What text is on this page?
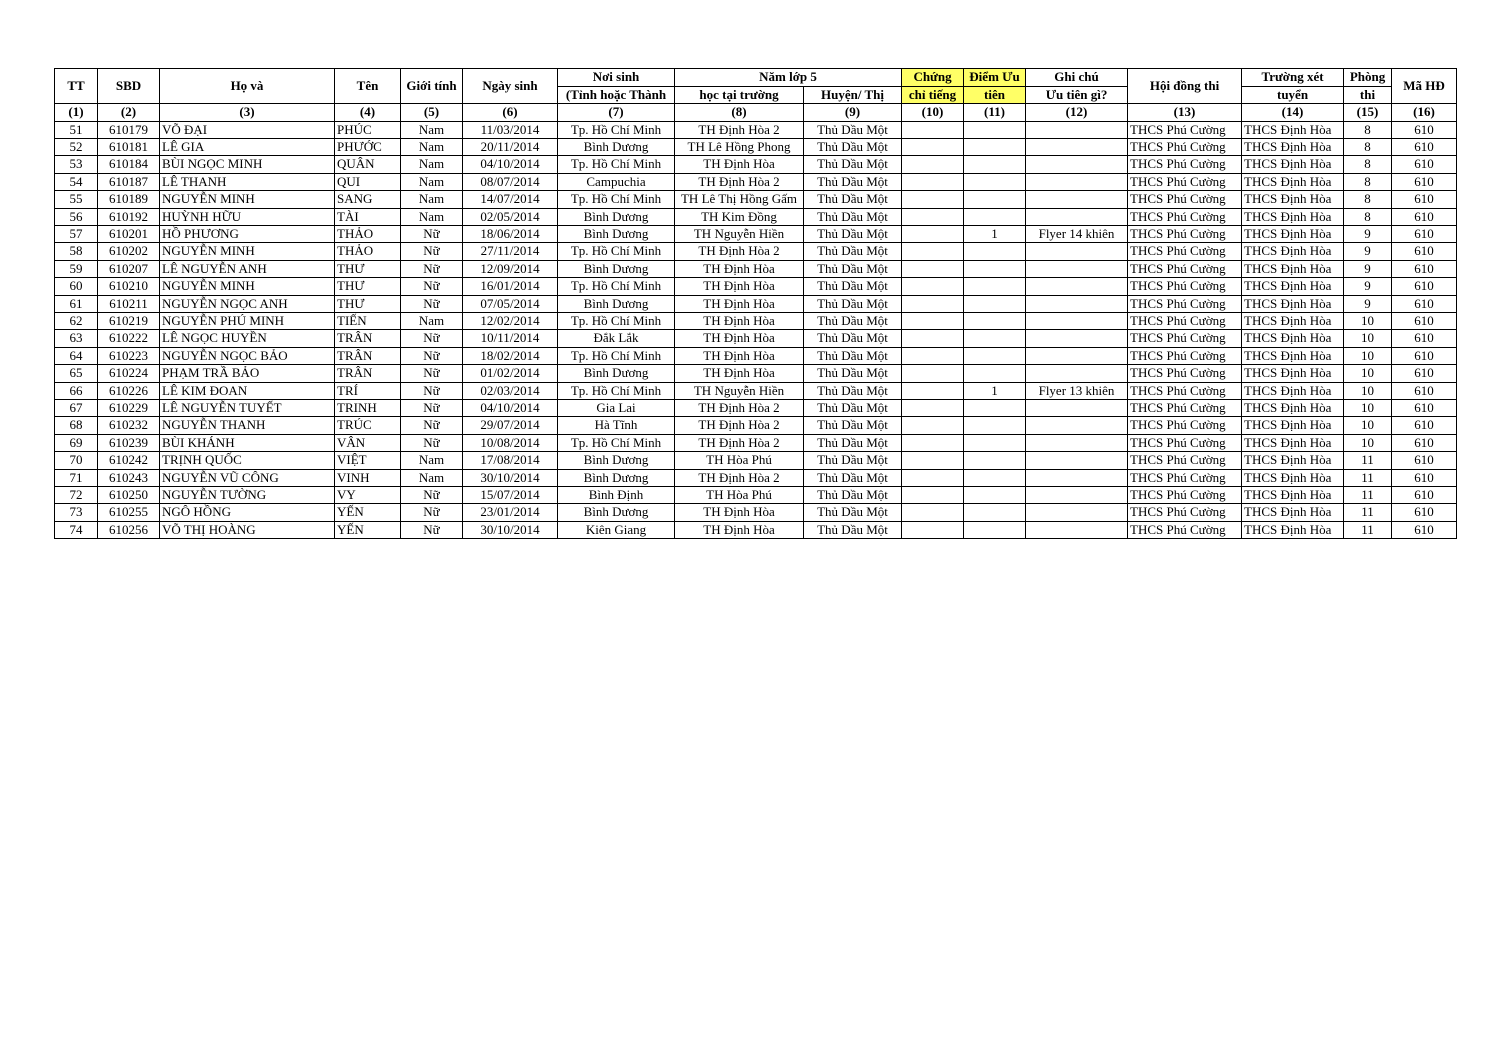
TT	SBD	Họ và	Tên	Giới tính	Ngày sinh	Nơi sinh	Năm lớp 5		Chứng	Điểm Ưu	Ghi chú	Hội đồng thi	Trường xét	Phòng	Mã HĐ
						(Tỉnh hoặc Thành	học tại trường	Huyện/ Thị	chỉ tiếng	tiên	Ưu tiên gì?		tuyển	thi	
(1)	(2)	(3)	(4)	(5)	(6)	(7)	(8)	(9)	(10)	(11)	(12)	(13)	(14)	(15)	(16)
51	610179	VÕ ĐẠI	PHÚC	Nam	11/03/2014	Tp. Hồ Chí Minh	TH Định Hòa 2	Thủ Dầu Một				THCS Phú Cường	THCS Định Hòa	8	610
52	610181	LÊ GIA	PHƯỚC	Nam	20/11/2014	Bình Dương	TH Lê Hồng Phong	Thủ Dầu Một				THCS Phú Cường	THCS Định Hòa	8	610
53	610184	BÙI NGỌC MINH	QUÂN	Nam	04/10/2014	Tp. Hồ Chí Minh	TH Định Hòa	Thủ Dầu Một				THCS Phú Cường	THCS Định Hòa	8	610
54	610187	LÊ THANH	QUI	Nam	08/07/2014	Campuchia	TH Định Hòa 2	Thủ Dầu Một				THCS Phú Cường	THCS Định Hòa	8	610
55	610189	NGUYỄN MINH	SANG	Nam	14/07/2014	Tp. Hồ Chí Minh	TH Lê Thị Hồng Gấm	Thủ Dầu Một				THCS Phú Cường	THCS Định Hòa	8	610
56	610192	HUỲNH HỮU	TÀI	Nam	02/05/2014	Bình Dương	TH Kim Đồng	Thủ Dầu Một				THCS Phú Cường	THCS Định Hòa	8	610
57	610201	HỒ PHƯƠNG	THẢO	Nữ	18/06/2014	Bình Dương	TH Nguyễn Hiền	Thủ Dầu Một		1	Flyer 14 khiên	THCS Phú Cường	THCS Định Hòa	9	610
58	610202	NGUYỄN MINH	THẢO	Nữ	27/11/2014	Tp. Hồ Chí Minh	TH Định Hòa 2	Thủ Dầu Một				THCS Phú Cường	THCS Định Hòa	9	610
59	610207	LÊ NGUYỄN ANH	THƯ	Nữ	12/09/2014	Bình Dương	TH Định Hòa	Thủ Dầu Một				THCS Phú Cường	THCS Định Hòa	9	610
60	610210	NGUYỄN MINH	THƯ	Nữ	16/01/2014	Tp. Hồ Chí Minh	TH Định Hòa	Thủ Dầu Một				THCS Phú Cường	THCS Định Hòa	9	610
61	610211	NGUYỄN NGỌC ANH	THƯ	Nữ	07/05/2014	Bình Dương	TH Định Hòa	Thủ Dầu Một				THCS Phú Cường	THCS Định Hòa	9	610
62	610219	NGUYỄN PHÚ MINH	TIẾN	Nam	12/02/2014	Tp. Hồ Chí Minh	TH Định Hòa	Thủ Dầu Một				THCS Phú Cường	THCS Định Hòa	10	610
63	610222	LÊ NGỌC HUYỀN	TRÂN	Nữ	10/11/2014	Đắk Lắk	TH Định Hòa	Thủ Dầu Một				THCS Phú Cường	THCS Định Hòa	10	610
64	610223	NGUYỄN NGỌC BẢO	TRÂN	Nữ	18/02/2014	Tp. Hồ Chí Minh	TH Định Hòa	Thủ Dầu Một				THCS Phú Cường	THCS Định Hòa	10	610
65	610224	PHẠM TRẦ BẢO	TRÂN	Nữ	01/02/2014	Bình Dương	TH Định Hòa	Thủ Dầu Một				THCS Phú Cường	THCS Định Hòa	10	610
66	610226	LÊ KIM ĐOAN	TRÍ	Nữ	02/03/2014	Tp. Hồ Chí Minh	TH Nguyễn Hiền	Thủ Dầu Một		1	Flyer 13 khiên	THCS Phú Cường	THCS Định Hòa	10	610
67	610229	LÊ NGUYỄN TUYẾT	TRINH	Nữ	04/10/2014	Gia Lai	TH Định Hòa 2	Thủ Dầu Một				THCS Phú Cường	THCS Định Hòa	10	610
68	610232	NGUYỄN THANH	TRÚC	Nữ	29/07/2014	Hà Tĩnh	TH Định Hòa 2	Thủ Dầu Một				THCS Phú Cường	THCS Định Hòa	10	610
69	610239	BÙI KHÁNH	VÂN	Nữ	10/08/2014	Tp. Hồ Chí Minh	TH Định Hòa 2	Thủ Dầu Một				THCS Phú Cường	THCS Định Hòa	10	610
70	610242	TRỊNH QUỐC	VIỆT	Nam	17/08/2014	Bình Dương	TH Hòa Phú	Thủ Dầu Một				THCS Phú Cường	THCS Định Hòa	11	610
71	610243	NGUYỄN VŨ CÔNG	VINH	Nam	30/10/2014	Bình Dương	TH Định Hòa 2	Thủ Dầu Một				THCS Phú Cường	THCS Định Hòa	11	610
72	610250	NGUYỄN TƯỜNG	VY	Nữ	15/07/2014	Bình Định	TH Hòa Phú	Thủ Dầu Một				THCS Phú Cường	THCS Định Hòa	11	610
73	610255	NGÔ HỒNG	YẾN	Nữ	23/01/2014	Bình Dương	TH Định Hòa	Thủ Dầu Một				THCS Phú Cường	THCS Định Hòa	11	610
74	610256	VÕ THỊ HOÀNG	YẾN	Nữ	30/10/2014	Kiên Giang	TH Định Hòa	Thủ Dầu Một				THCS Phú Cường	THCS Định Hòa	11	610
